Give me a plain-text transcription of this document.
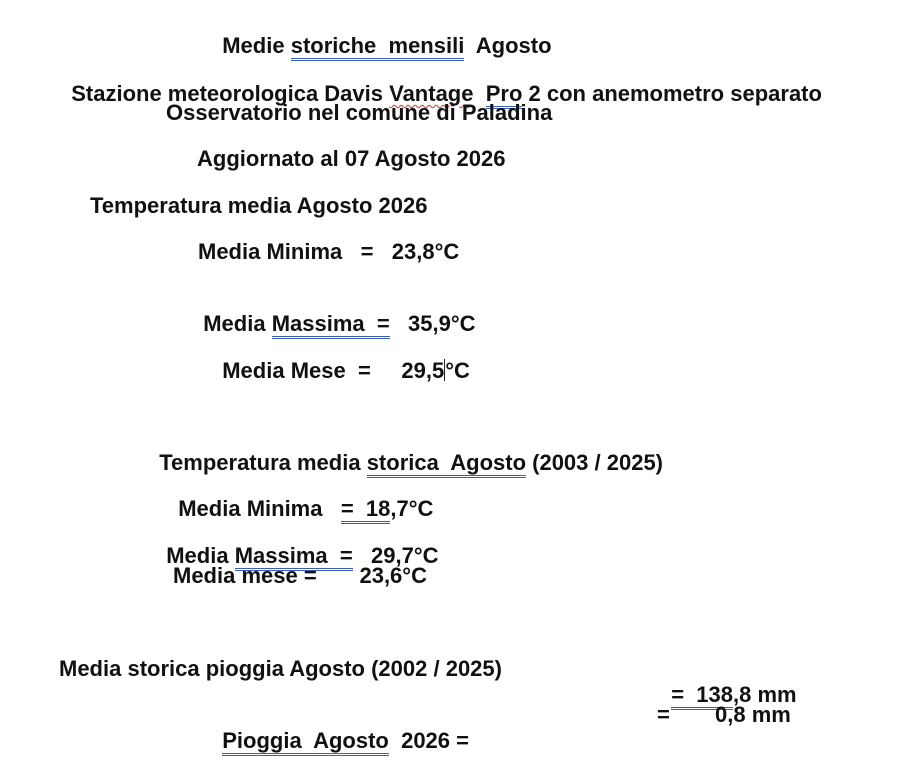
Medie storiche  mensili  Agosto

Stazione meteorologica Davis Vantage Pro 2 con anemometro separato

Osservatorio nel comune di Paladina
Aggiornato al 07 Agosto 2026
Temperatura media Agosto 2026
Media Minima   =   23,8°C

Media Massima  =   35,9°C

Media Mese  =     29,5°C

Temperatura media storica  Agosto (2003 / 2025)

Media Minima   =  18,7°C

Media Massima  =   29,7°C

Media mese =       23,6°C
Media storica pioggia Agosto (2002 / 2025)

=  138,8 mm

Pioggia  Agosto  2026 =

= 0,8 mm
